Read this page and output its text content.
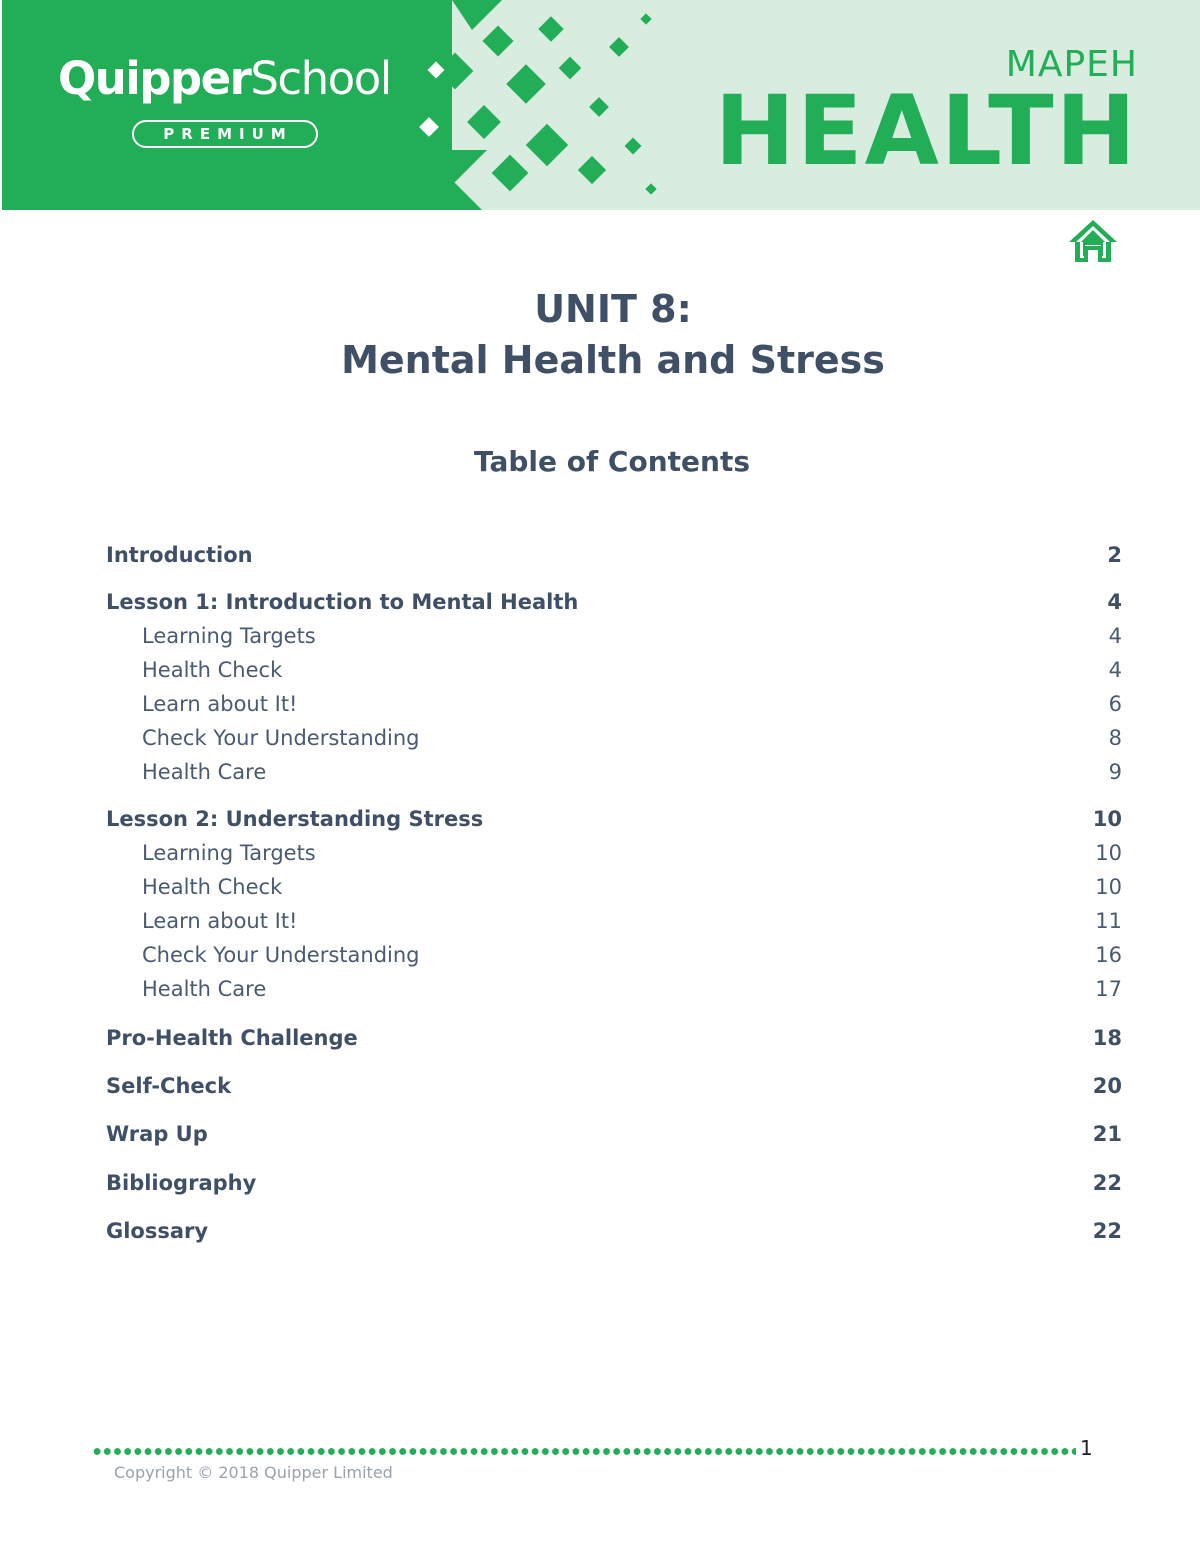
QuipperSchool
PREMIUM
MAPEH
HEALTH
UNIT 8:
Mental Health and Stress
Table of Contents
Introduction	2
Lesson 1: Introduction to Mental Health	4
Learning Targets	4
Health Check	4
Learn about It!	6
Check Your Understanding	8
Health Care	9
Lesson 2: Understanding Stress	10
Learning Targets	10
Health Check	10
Learn about It!	11
Check Your Understanding	16
Health Care	17
Pro-Health Challenge	18
Self-Check	20
Wrap Up	21
Bibliography	22
Glossary	22
1
Copyright © 2018 Quipper Limited
